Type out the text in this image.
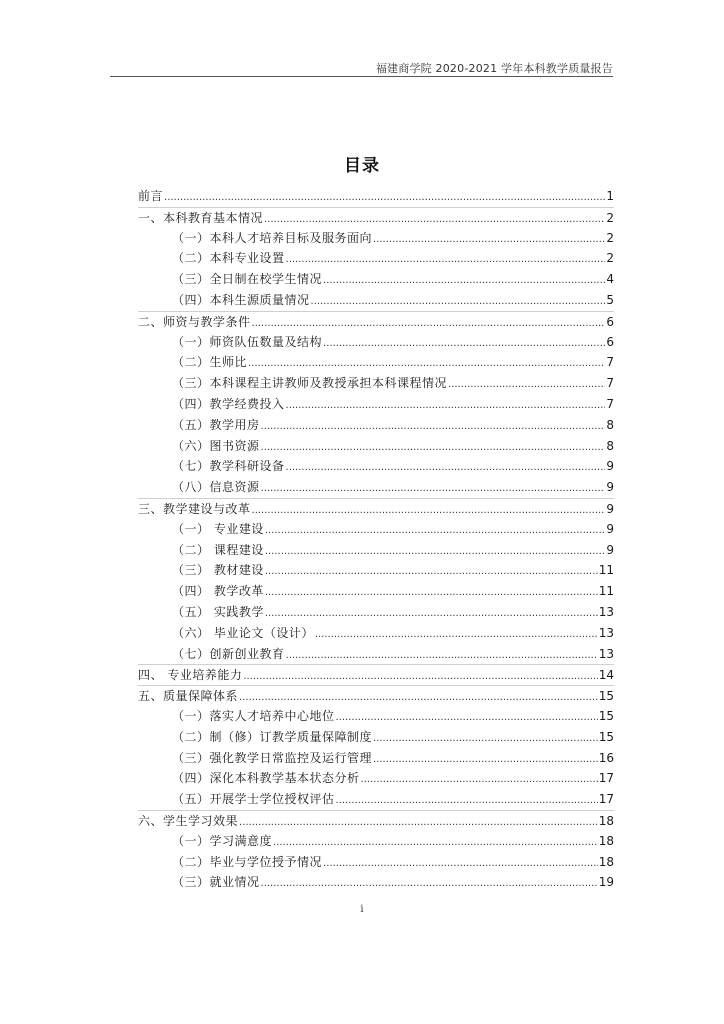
福建商学院 2020-2021 学年本科教学质量报告
目录
前言 .....	1
一、本科教育基本情况 .....	2
（一）本科人才培养目标及服务面向 .....	2
（二）本科专业设置 .....	2
（三）全日制在校学生情况 .....	4
（四）本科生源质量情况 .....	5
二、师资与教学条件 .....	6
（一）师资队伍数量及结构 .....	6
（二）生师比 .....	7
（三）本科课程主讲教师及教授承担本科课程情况 .....	7
（四）教学经费投入 .....	7
（五）教学用房 .....	8
（六）图书资源 .....	8
（七）教学科研设备 .....	9
（八）信息资源 .....	9
三、教学建设与改革 .....	9
（一） 专业建设 .....	9
（二） 课程建设 .....	9
（三） 教材建设 .....	11
（四） 教学改革 .....	11
（五） 实践教学 .....	13
（六） 毕业论文（设计） .....	13
（七）创新创业教育 .....	13
四、 专业培养能力 .....	14
五、质量保障体系 .....	15
（一）落实人才培养中心地位 .....	15
（二）制（修）订教学质量保障制度 .....	15
（三）强化教学日常监控及运行管理 .....	16
（四）深化本科教学基本状态分析 .....	17
（五）开展学士学位授权评估 .....	17
六、学生学习效果 .....	18
（一）学习满意度 .....	18
（二）毕业与学位授予情况 .....	18
（三）就业情况 .....	19
i
